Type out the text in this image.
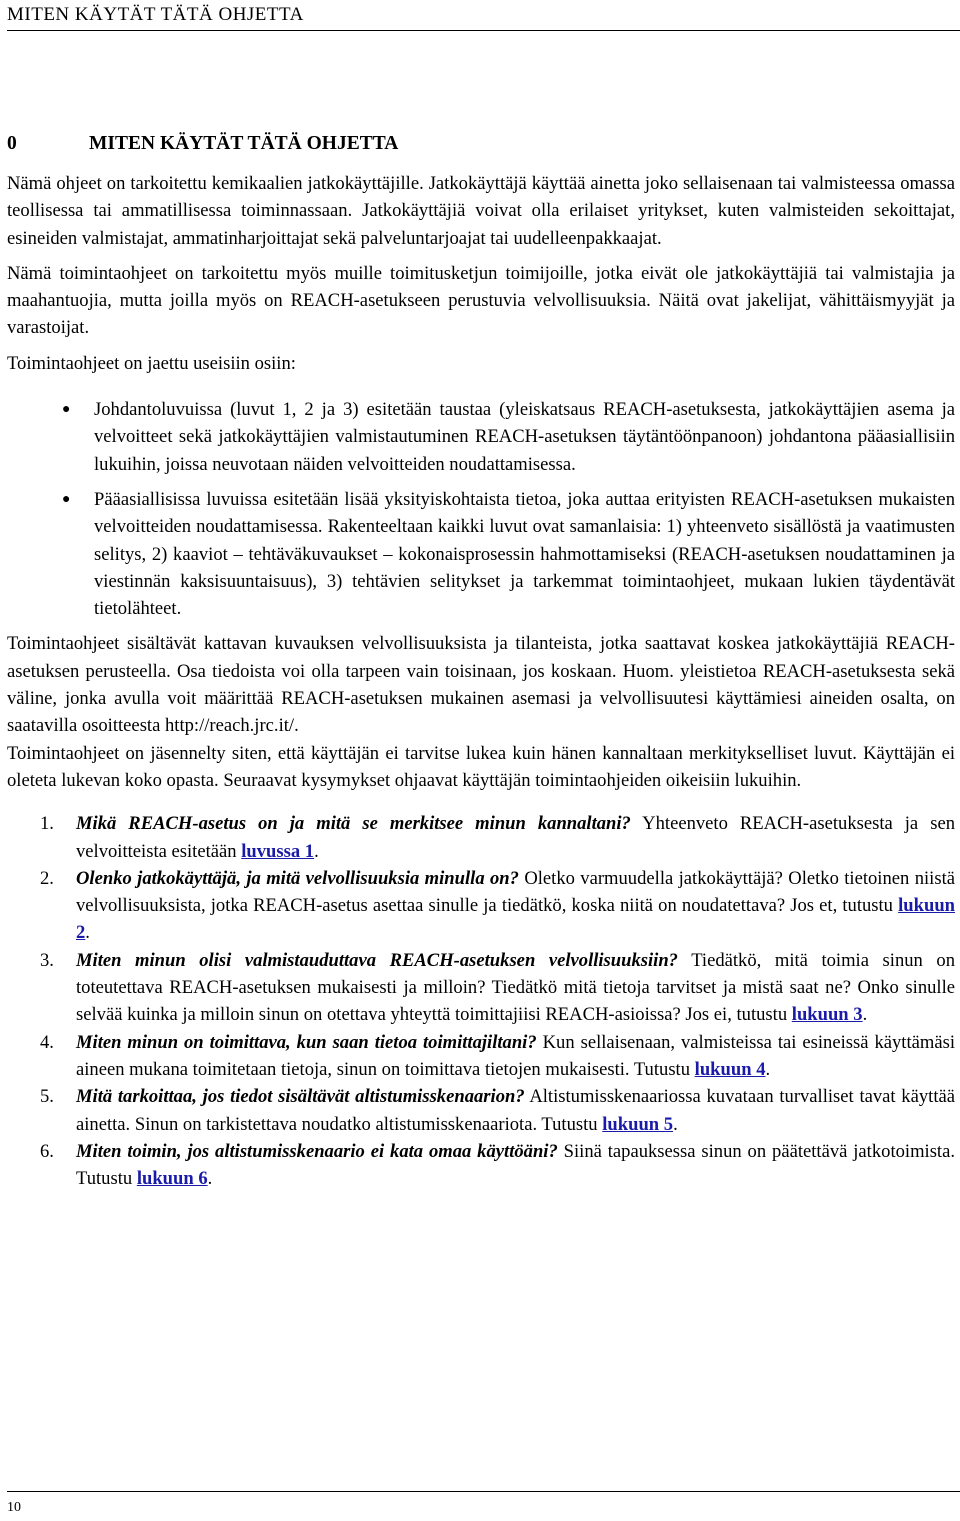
MITEN KÄYTÄT TÄTÄ OHJETTA
0	MITEN KÄYTÄT TÄTÄ OHJETTA

Nämä ohjeet on tarkoitettu kemikaalien jatkokäyttäjille. Jatkokäyttäjä käyttää ainetta joko sellaisenaan tai valmisteessa omassa teollisessa tai ammatillisessa toiminnassaan. Jatkokäyttäjiä voivat olla erilaiset yritykset, kuten valmisteiden sekoittajat, esineiden valmistajat, ammatinharjoittajat sekä palveluntarjoajat tai uudelleenpakkaajat.

Nämä toimintaohjeet on tarkoitettu myös muille toimitusketjun toimijoille, jotka eivät ole jatkokäyttäjiä tai valmistajia ja maahantuojia, mutta joilla myös on REACH-asetukseen perustuvia velvollisuuksia. Näitä ovat jakelijat, vähittäismyyjät ja varastoijat.

Toimintaohjeet on jaettu useisiin osiin:

● Johdantoluvuissa (luvut 1, 2 ja 3) esitetään taustaa (yleiskatsaus REACH-asetuksesta, jatkokäyttäjien asema ja velvoitteet sekä jatkokäyttäjien valmistautuminen REACH-asetuksen täytäntöönpanoon) johdantona pääasiallisiin lukuihin, joissa neuvotaan näiden velvoitteiden noudattamisessa.
● Pääasiallisissa luvuissa esitetään lisää yksityiskohtaista tietoa, joka auttaa erityisten REACH-asetuksen mukaisten velvoitteiden noudattamisessa. Rakenteeltaan kaikki luvut ovat samanlaisia: 1) yhteenveto sisällöstä ja vaatimusten selitys, 2) kaaviot – tehtäväkuvaukset – kokonaisprosessin hahmottamiseksi (REACH-asetuksen noudattaminen ja viestinnän kaksisuuntaisuus), 3) tehtävien selitykset ja tarkemmat toimintaohjeet, mukaan lukien täydentävät tietolähteet.

Toimintaohjeet sisältävät kattavan kuvauksen velvollisuuksista ja tilanteista, jotka saattavat koskea jatkokäyttäjiä REACH-asetuksen perusteella. Osa tiedoista voi olla tarpeen vain toisinaan, jos koskaan. Huom. yleistietoa REACH-asetuksesta sekä väline, jonka avulla voit määrittää REACH-asetuksen mukainen asemasi ja velvollisuutesi käyttämiesi aineiden osalta, on saatavilla osoitteesta http://reach.jrc.it/.

Toimintaohjeet on jäsennelty siten, että käyttäjän ei tarvitse lukea kuin hänen kannaltaan merkitykselliset luvut. Käyttäjän ei oleteta lukevan koko opasta. Seuraavat kysymykset ohjaavat käyttäjän toimintaohjeiden oikeisiin lukuihin.

1. Mikä REACH-asetus on ja mitä se merkitsee minun kannaltani? Yhteenveto REACH-asetuksesta ja sen velvoitteista esitetään luvussa 1.
2. Olenko jatkokäyttäjä, ja mitä velvollisuuksia minulla on? Oletko varmuudella jatkokäyttäjä? Oletko tietoinen niistä velvollisuuksista, jotka REACH-asetus asettaa sinulle ja tiedätkö, koska niitä on noudatettava? Jos et, tutustu lukuun 2.
3. Miten minun olisi valmistauduttava REACH-asetuksen velvollisuuksiin? Tiedätkö, mitä toimia sinun on toteutettava REACH-asetuksen mukaisesti ja milloin? Tiedätkö mitä tietoja tarvitset ja mistä saat ne? Onko sinulle selvää kuinka ja milloin sinun on otettava yhteyttä toimittajiisi REACH-asioissa? Jos ei, tutustu lukuun 3.
4. Miten minun on toimittava, kun saan tietoa toimittajiltani? Kun sellaisenaan, valmisteissa tai esineissä käyttämäsi aineen mukana toimitetaan tietoja, sinun on toimittava tietojen mukaisesti. Tutustu lukuun 4.
5. Mitä tarkoittaa, jos tiedot sisältävät altistumisskenaarion? Altistumisskenaariossa kuvataan turvalliset tavat käyttää ainetta. Sinun on tarkistettava noudatko altistumisskenaariota. Tutustu lukuun 5.
6. Miten toimin, jos altistumisskenaario ei kata omaa käyttöäni? Siinä tapauksessa sinun on päätettävä jatkotoimista. Tutustu lukuun 6.
10
